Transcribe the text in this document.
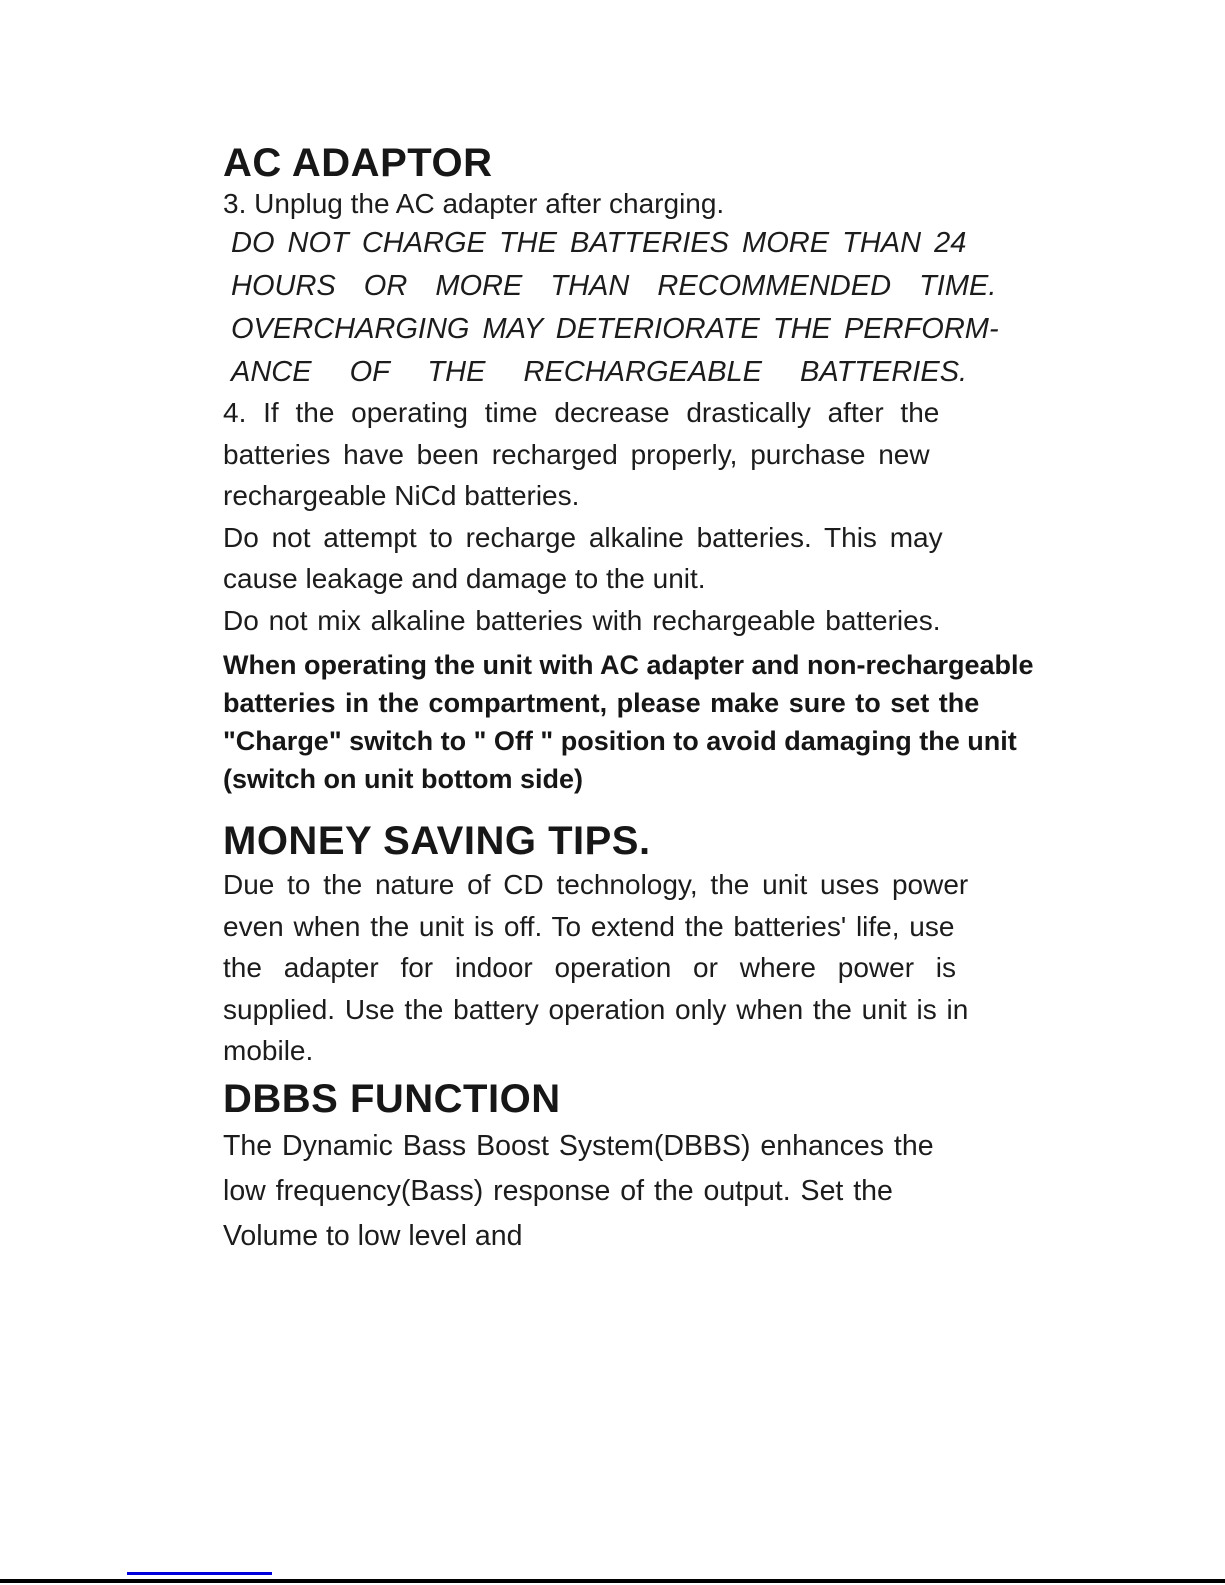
AC ADAPTOR
3. Unplug the AC adapter after charging.
DO NOT CHARGE THE BATTERIES MORE THAN 24
HOURS OR MORE THAN RECOMMENDED TIME.
OVERCHARGING MAY DETERIORATE THE PERFORM-
ANCE OF THE RECHARGEABLE BATTERIES.
4. If the operating time decrease drastically after the
batteries have been recharged properly, purchase new
rechargeable NiCd batteries.
Do not attempt to recharge alkaline batteries. This may
cause leakage and damage to the unit.
Do not mix alkaline batteries with rechargeable batteries.
When operating the unit with AC adapter and non-rechargeable
batteries in the compartment, please make sure to set the
"Charge" switch to " Off " position to avoid damaging the unit
(switch on unit bottom side)
MONEY SAVING TIPS.
Due to the nature of CD technology, the unit uses power
even when the unit is off. To extend the batteries' life, use
the adapter for indoor operation or where power is
supplied. Use the battery operation only when the unit is in
mobile.
DBBS FUNCTION
The Dynamic Bass Boost System(DBBS) enhances the
low frequency(Bass) response of the output. Set the
Volume to low level and
